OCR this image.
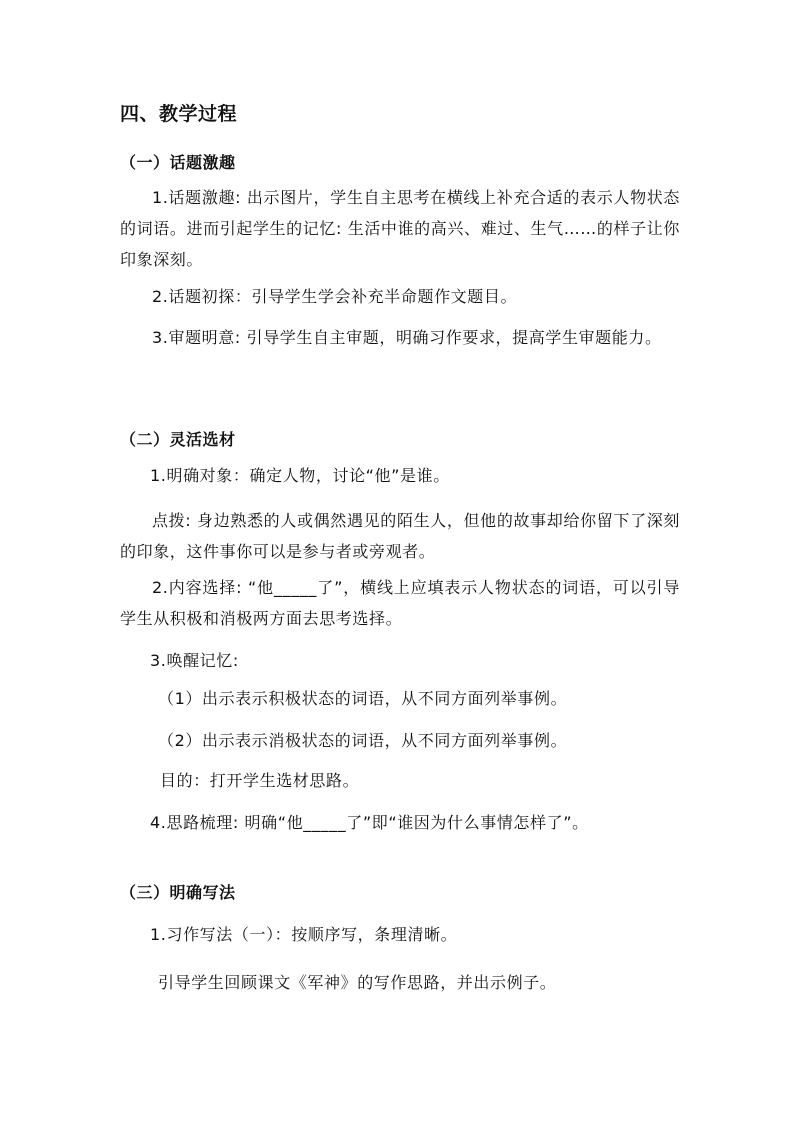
四、教学过程
（一）话题激趣
1.话题激趣: 出示图片，学生自主思考在横线上补充合适的表示人物状态的词语。进而引起学生的记忆: 生活中谁的高兴、难过、生气……的样子让你印象深刻。
2.话题初探：引导学生学会补充半命题作文题目。
3.审题明意: 引导学生自主审题，明确习作要求，提高学生审题能力。
（二）灵活选材
1.明确对象：确定人物，讨论“他”是谁。
点拨: 身边熟悉的人或偶然遇见的陌生人，但他的故事却给你留下了深刻的印象，这件事你可以是参与者或旁观者。
2.内容选择: “他_____了”，横线上应填表示人物状态的词语，可以引导学生从积极和消极两方面去思考选择。
3.唤醒记忆:
（1）出示表示积极状态的词语，从不同方面列举事例。
（2）出示表示消极状态的词语，从不同方面列举事例。
目的：打开学生选材思路。
4.思路梳理: 明确“他_____了”即“谁因为什么事情怎样了”。
（三）明确写法
1.习作写法（一）：按顺序写，条理清晰。
引导学生回顾课文《军神》的写作思路，并出示例子。
